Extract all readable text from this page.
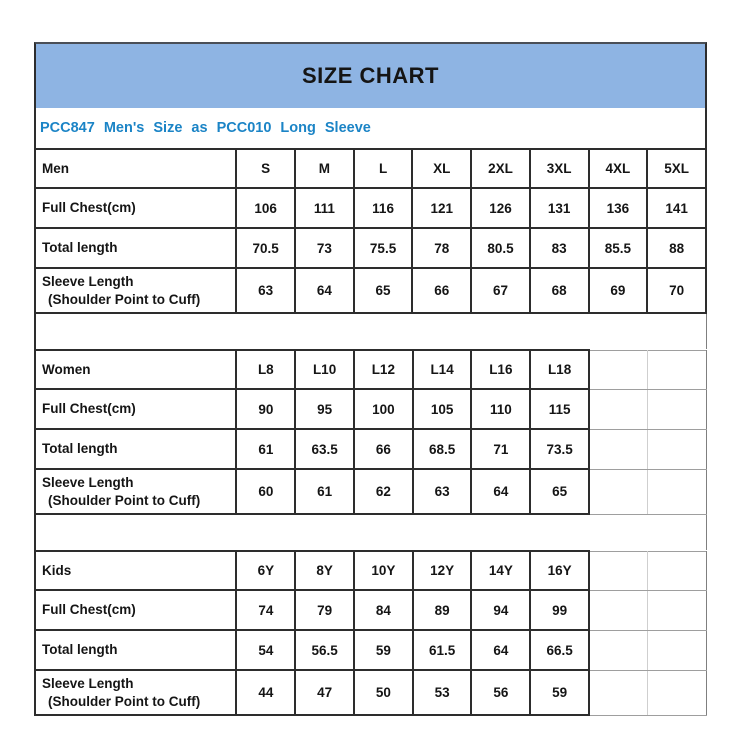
SIZE CHART
PCC847 Men's Size as PCC010 Long Sleeve
Men	S	M	L	XL	2XL	3XL	4XL	5XL

Full Chest(cm)	106	111	116	121	126	131	136	141

Total length	70.5	73	75.5	78	80.5	83	85.5	88

Sleeve Length
(Shoulder Point to Cuff)	63	64	65	66	67	68	69	70
Women	L8	L10	L12	L14	L16	L18		

Full Chest(cm)	90	95	100	105	110	115		

Total length	61	63.5	66	68.5	71	73.5		

Sleeve Length
(Shoulder Point to Cuff)	60	61	62	63	64	65		
Kids	6Y	8Y	10Y	12Y	14Y	16Y		

Full Chest(cm)	74	79	84	89	94	99		

Total length	54	56.5	59	61.5	64	66.5		

Sleeve Length
(Shoulder Point to Cuff)	44	47	50	53	56	59		
